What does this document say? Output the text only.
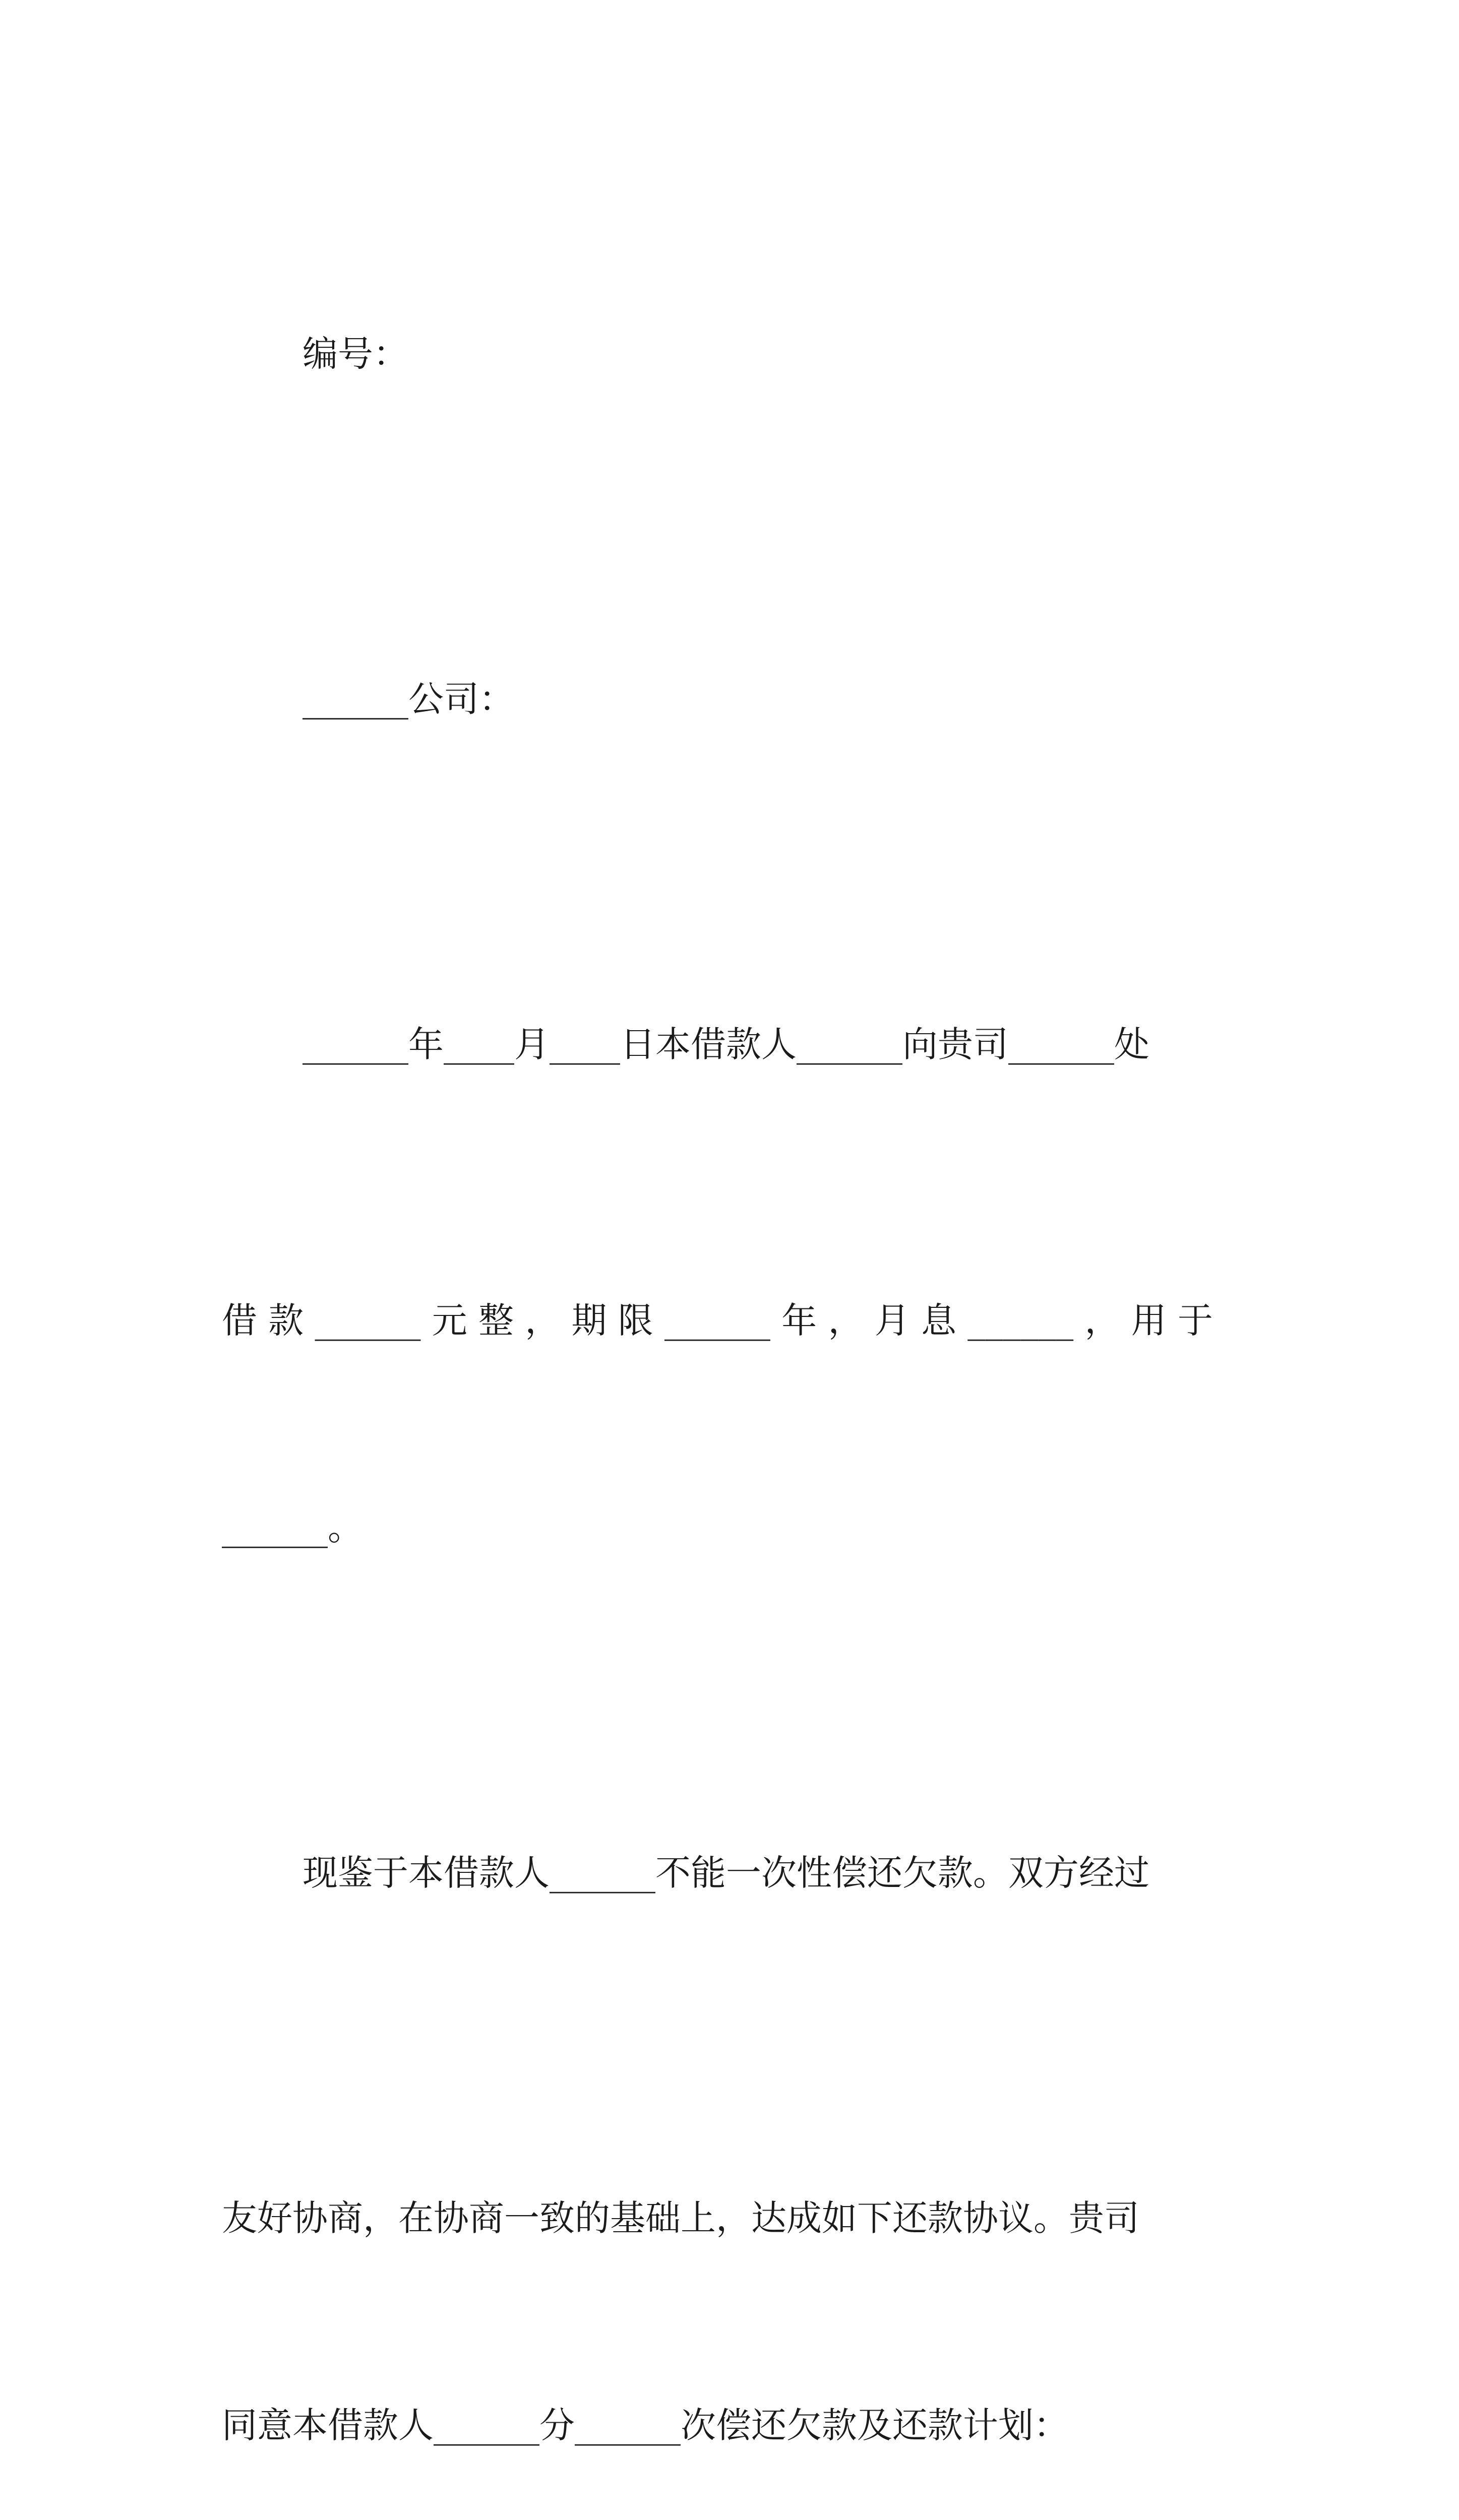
编号：

______公司：

______年____月____日本借款人______向贵司______处

借 款 ______ 元 整 ， 期 限 ______ 年 ， 月 息 ______ ， 用 于

______。

现鉴于本借款人______不能一次性偿还欠款。双方经过

友好协商，在协商一致的基础上，达成如下还款协议。贵司

同意本借款人______分______次偿还欠款及还款计划：
